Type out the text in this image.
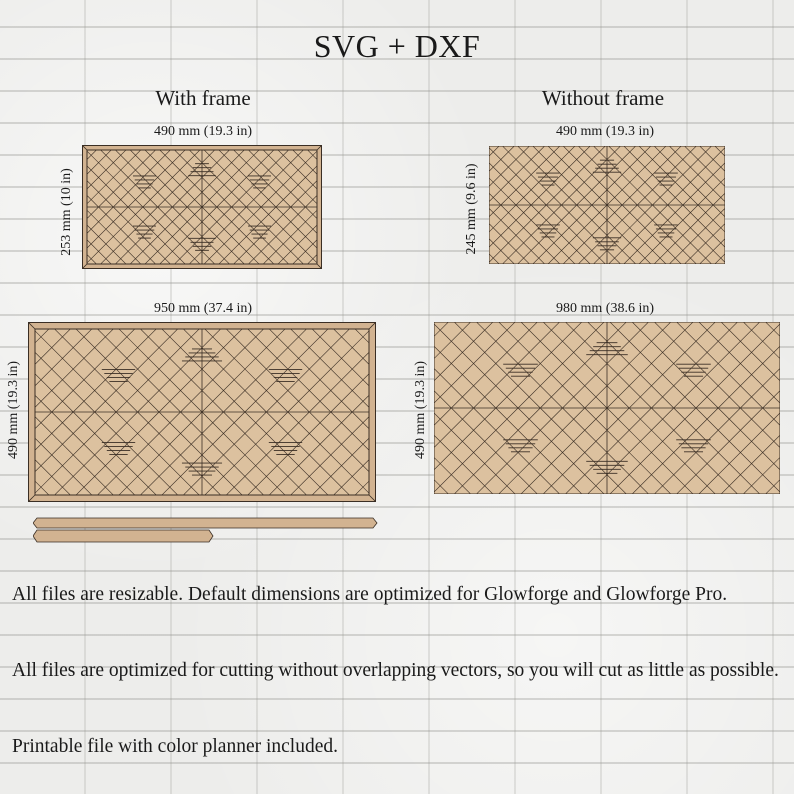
SVG + DXF
With frame	Without frame
490 mm (19.3 in)
253 mm (10 in)
490 mm (19.3 in)
245 mm (9.6 in)
950 mm (37.4 in)
490 mm (19.3 in)
980 mm (38.6 in)
490 mm (19.3 in)
All files are resizable. Default dimensions are optimized for Glowforge and Glowforge Pro.
All files are optimized for cutting without overlapping vectors, so you will cut as little as possible.
Printable file with color planner included.
